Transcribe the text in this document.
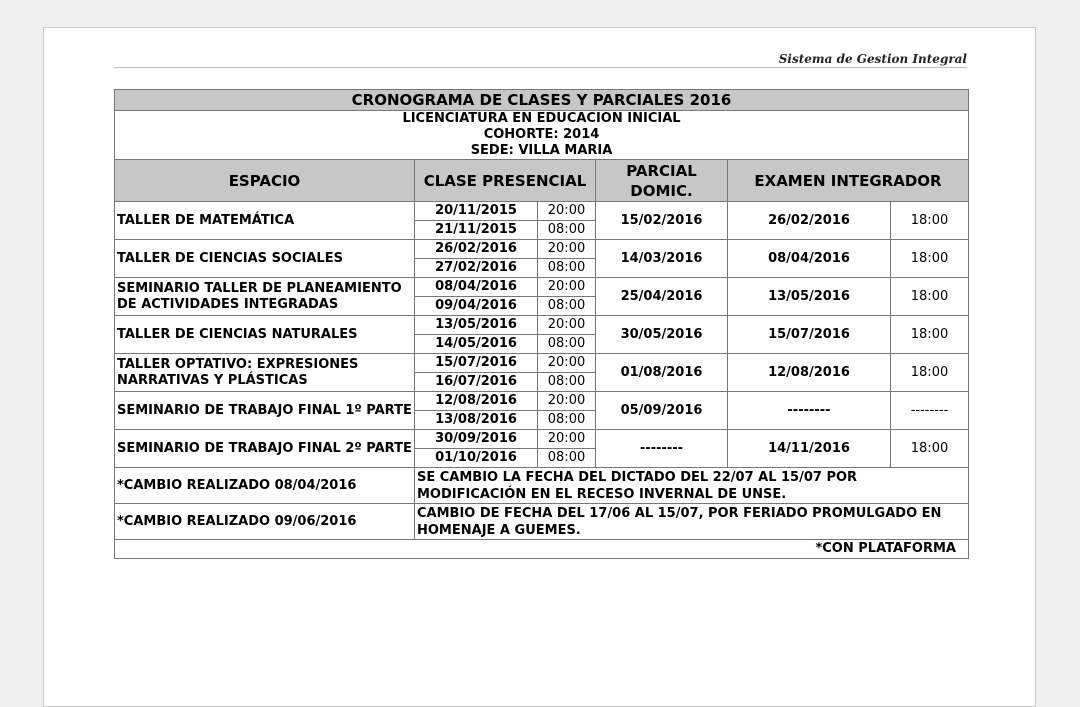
Sistema de Gestion Integral
CRONOGRAMA DE CLASES Y PARCIALES 2016					

LICENCIATURA EN EDUCACIÓN INICIAL
COHORTE: 2014
SEDE: VILLA MARIA					

ESPACIO	CLASE PRESENCIAL		PARCIAL DOMIC.	EXAMEN INTEGRADOR	
TALLER DE MATEMÁTICA	20/11/2015	20:00	15/02/2016	26/02/2016	18:00
	21/11/2015	08:00			
TALLER DE CIENCIAS SOCIALES	26/02/2016	20:00	14/03/2016	08/04/2016	18:00
	27/02/2016	08:00			
SEMINARIO TALLER DE PLANEAMIENTO DE ACTIVIDADES INTEGRADAS	08/04/2016	20:00	25/04/2016	13/05/2016	18:00
	09/04/2016	08:00			
TALLER DE CIENCIAS NATURALES	13/05/2016	20:00	30/05/2016	15/07/2016	18:00
	14/05/2016	08:00			
TALLER OPTATIVO: EXPRESIONES NARRATIVAS Y PLÁSTICAS	15/07/2016	20:00	01/08/2016	12/08/2016	18:00
	16/07/2016	08:00			
SEMINARIO DE TRABAJO FINAL 1º PARTE	12/08/2016	20:00	05/09/2016	--------	--------
	13/08/2016	08:00			
SEMINARIO DE TRABAJO FINAL 2º PARTE	30/09/2016	20:00	--------	14/11/2016	18:00
	01/10/2016	08:00			
*CAMBIO REALIZADO 08/04/2016	SE CAMBIO LA FECHA DEL DICTADO DEL 22/07 AL 15/07 POR MODIFICACIÓN EN EL RECESO INVERNAL DE UNSE.				
*CAMBIO REALIZADO 09/06/2016	CAMBIO DE FECHA DEL 17/06 AL 15/07, POR FERIADO PROMULGADO EN HOMENAJE A GUEMES.				
*CON PLATAFORMA					
